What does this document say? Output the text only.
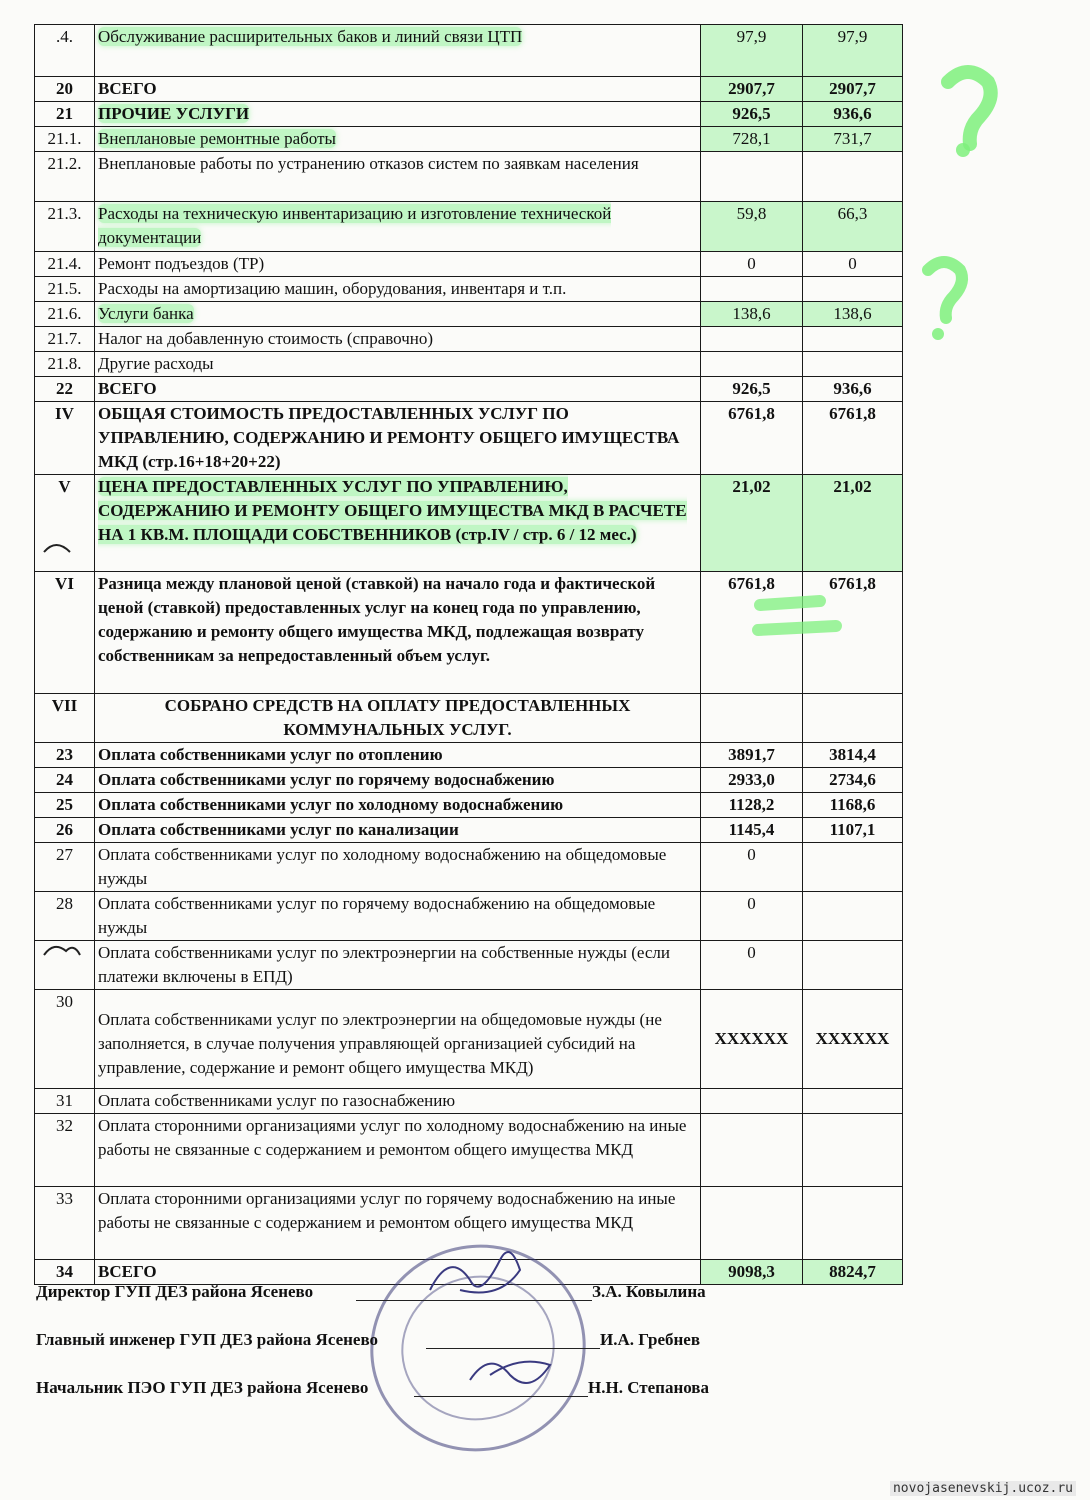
.4.	Обслуживание расширительных баков и линий связи ЦТП	97,9	97,9
20	ВСЕГО	2907,7	2907,7
21	ПРОЧИЕ УСЛУГИ	926,5	936,6
21.1.	Внеплановые ремонтные работы	728,1	731,7
21.2.	Внеплановые работы по устранению отказов систем по заявкам населения		
21.3.	Расходы на техническую инвентаризацию и изготовление технической документации	59,8	66,3
21.4.	Ремонт подъездов (ТР)	0	0
21.5.	Расходы на амортизацию машин, оборудования, инвентаря и т.п.		
21.6.	Услуги банка	138,6	138,6
21.7.	Налог на добавленную стоимость (справочно)		
21.8.	Другие расходы		
22	ВСЕГО	926,5	936,6
IV	ОБЩАЯ СТОИМОСТЬ ПРЕДОСТАВЛЕННЫХ УСЛУГ ПО УПРАВЛЕНИЮ, СОДЕРЖАНИЮ И РЕМОНТУ ОБЩЕГО ИМУЩЕСТВА МКД (стр.16+18+20+22)	6761,8	6761,8
V	ЦЕНА ПРЕДОСТАВЛЕННЫХ УСЛУГ ПО УПРАВЛЕНИЮ, СОДЕРЖАНИЮ И РЕМОНТУ ОБЩЕГО ИМУЩЕСТВА МКД В РАСЧЕТЕ НА 1 КВ.М. ПЛОЩАДИ СОБСТВЕННИКОВ (стр.IV / стр. 6 / 12 мес.)	21,02	21,02
VI	Разница между плановой ценой (ставкой) на начало года и фактической ценой (ставкой) предоставленных услуг на конец года по управлению, содержанию и ремонту общего имущества МКД, подлежащая возврату собственникам за непредоставленный объем услуг.	6761,8	6761,8
VII	СОБРАНО СРЕДСТВ НА ОПЛАТУ ПРЕДОСТАВЛЕННЫХ КОММУНАЛЬНЫХ УСЛУГ.		
23	Оплата собственниками услуг по отоплению	3891,7	3814,4
24	Оплата собственниками услуг по горячему водоснабжению	2933,0	2734,6
25	Оплата собственниками услуг по холодному водоснабжению	1128,2	1168,6
26	Оплата собственниками услуг по канализации	1145,4	1107,1
27	Оплата собственниками услуг по холодному водоснабжению на общедомовые нужды	0	
28	Оплата собственниками услуг по горячему водоснабжению на общедомовые нужды	0	
	Оплата собственниками услуг по электроэнергии на собственные нужды (если платежи включены в ЕПД)	0	
30	Оплата собственниками услуг по электроэнергии на общедомовые нужды (не заполняется, в случае получения управляющей организацией субсидий на управление, содержание и ремонт общего имущества МКД)	XXXXXX	XXXXXX
31	Оплата собственниками услуг по газоснабжению		
32	Оплата сторонними организациями услуг по холодному водоснабжению на иные работы не связанные с содержанием и ремонтом общего имущества МКД		
33	Оплата сторонними организациями услуг по горячему водоснабжению на иные работы не связанные с содержанием и ремонтом общего имущества МКД		
34	ВСЕГО	9098,3	8824,7
Директор ГУП ДЕЗ района Ясенево	З.А. Ковылина
Главный инженер ГУП ДЕЗ района Ясенево	И.А. Гребнев
Начальник ПЭО ГУП ДЕЗ района Ясенево	Н.Н. Степанова
novojasenevskij.ucoz.ru
